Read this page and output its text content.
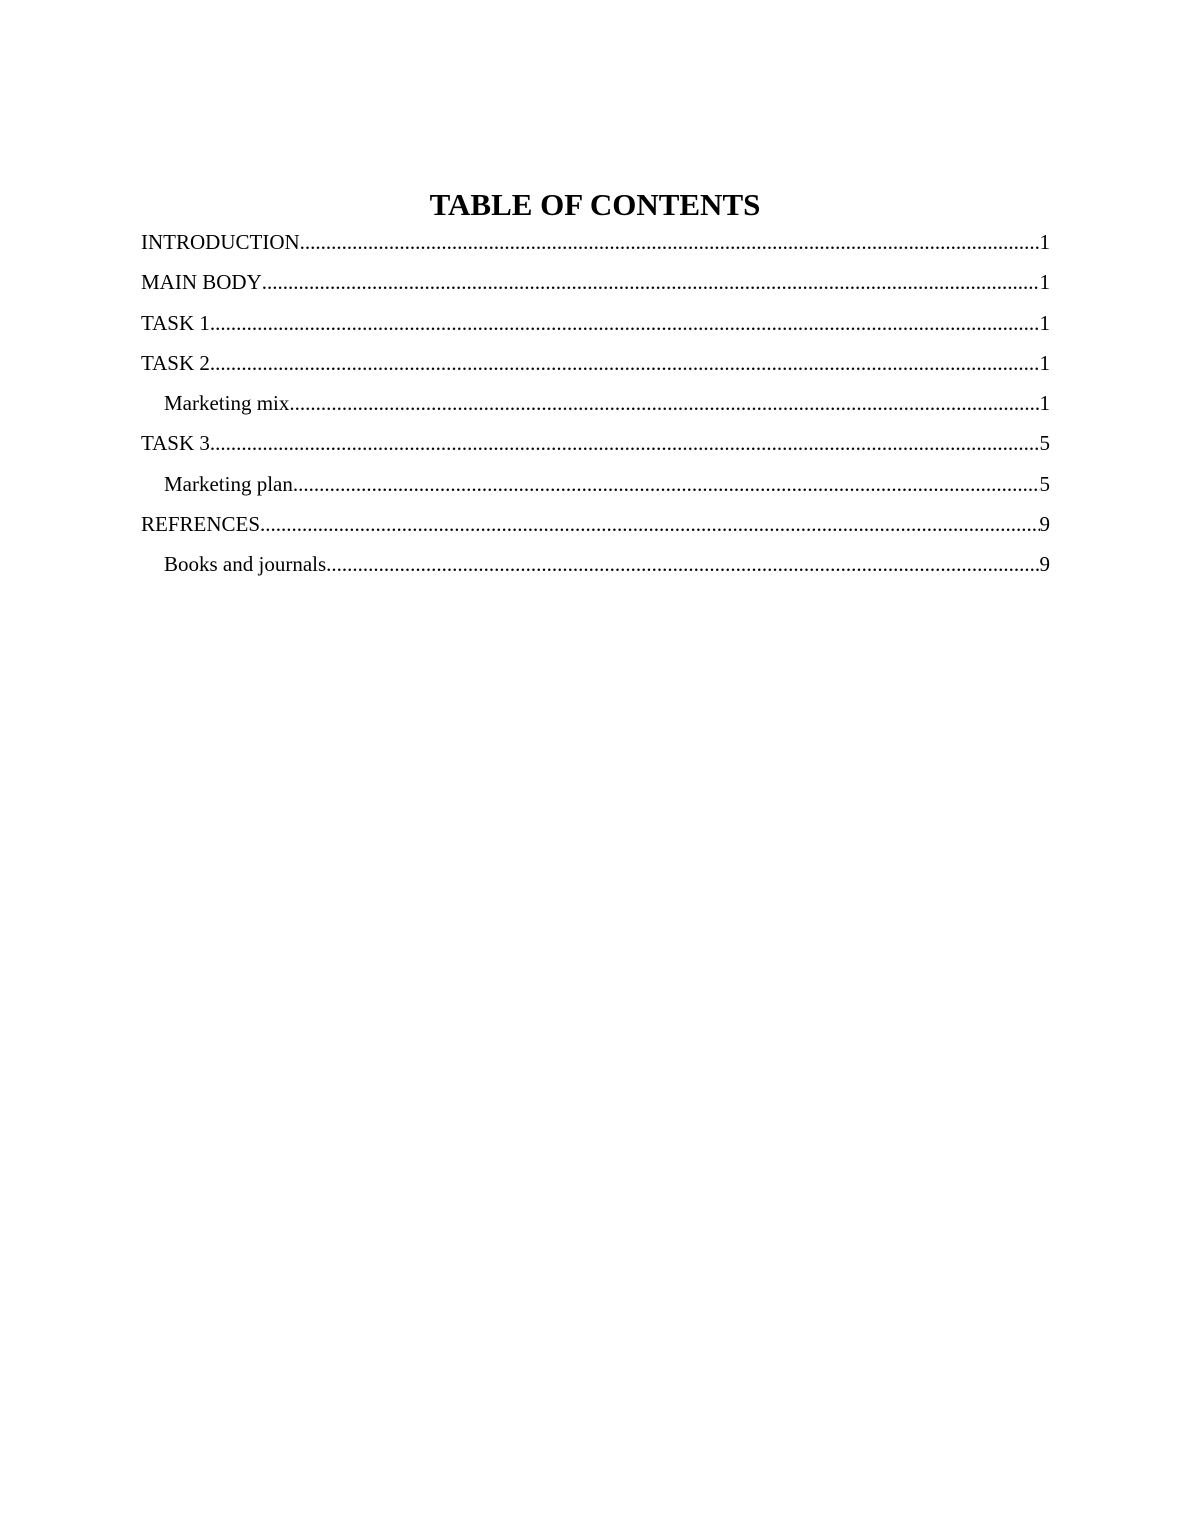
TABLE OF CONTENTS
INTRODUCTION .....	1
MAIN BODY .....	1
TASK 1 .....	1
TASK 2 .....	1
Marketing mix .....	1
TASK 3 .....	5
Marketing plan .....	5
REFRENCES .....	9
Books and journals .....	9
